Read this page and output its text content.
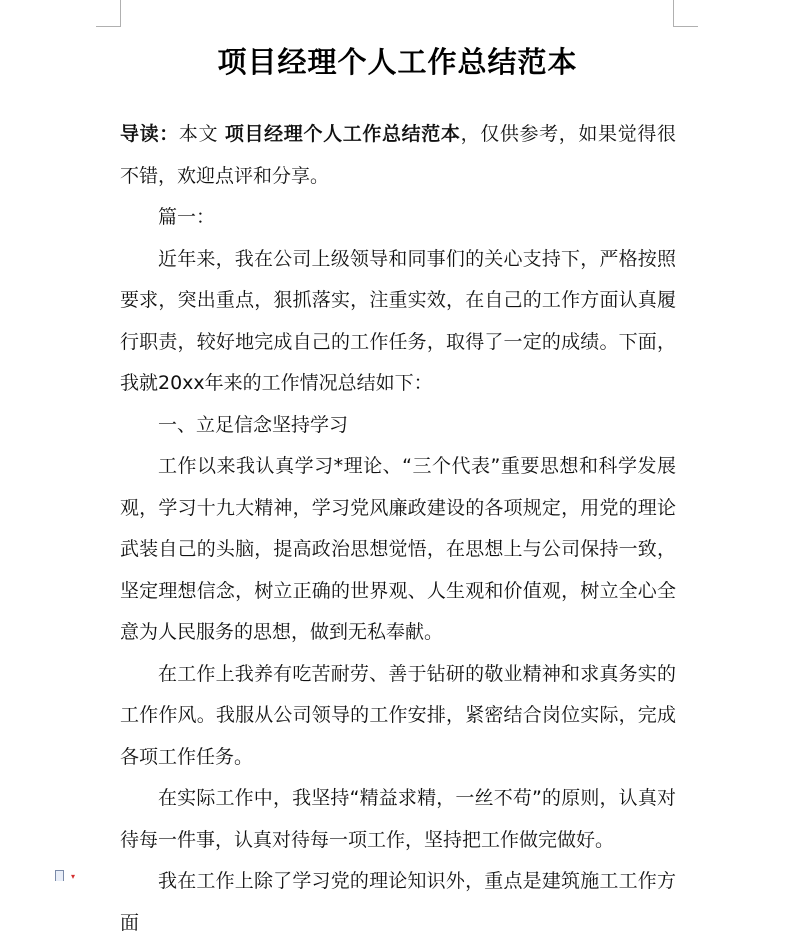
项目经理个人工作总结范本

导读：本文 项目经理个人工作总结范本，仅供参考，如果觉得很不错，欢迎点评和分享。

篇一：

近年来，我在公司上级领导和同事们的关心支持下，严格按照要求，突出重点，狠抓落实，注重实效，在自己的工作方面认真履行职责，较好地完成自己的工作任务，取得了一定的成绩。下面，我就20xx年来的工作情况总结如下：

一、立足信念坚持学习

工作以来我认真学习*理论、“三个代表”重要思想和科学发展观，学习十九大精神，学习党风廉政建设的各项规定，用党的理论武装自己的头脑，提高政治思想觉悟，在思想上与公司保持一致，坚定理想信念，树立正确的世界观、人生观和价值观，树立全心全意为人民服务的思想，做到无私奉献。

在工作上我养有吃苦耐劳、善于钻研的敬业精神和求真务实的工作作风。我服从公司领导的工作安排，紧密结合岗位实际，完成各项工作任务。

在实际工作中，我坚持“精益求精，一丝不苟”的原则，认真对待每一件事，认真对待每一项工作，坚持把工作做完做好。

我在工作上除了学习党的理论知识外，重点是建筑施工工作方面

▾
